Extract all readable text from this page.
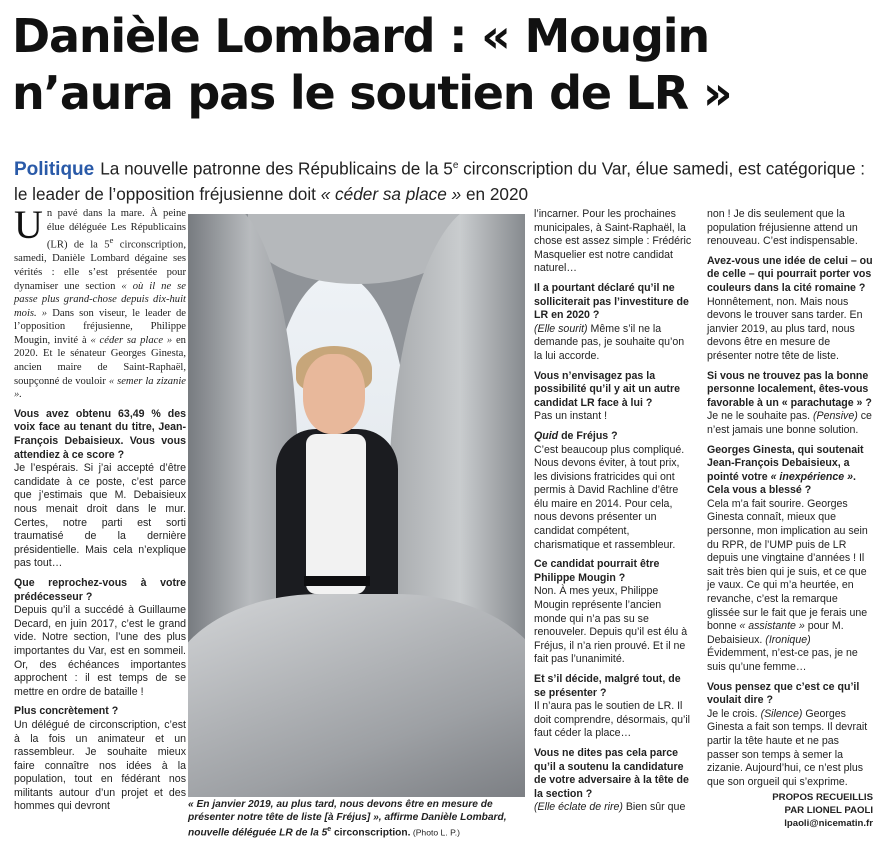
Danièle Lombard : « Mougin
n’aura pas le soutien de LR »
Politique La nouvelle patronne des Républicains de la 5e circonscription du Var, élue samedi, est catégorique : le leader de l’opposition fréjusienne doit « céder sa place » en 2020

Un pavé dans la mare. À peine élue déléguée Les Républicains (LR) de la 5e circonscription, samedi, Danièle Lombard dégaine ses vérités : elle s’est présentée pour dynamiser une section « où il ne se passe plus grand-chose depuis dix-huit mois. » Dans son viseur, le leader de l’opposition fréjusienne, Philippe Mougin, invité à « céder sa place » en 2020. Et le sénateur Georges Ginesta, ancien maire de Saint-Raphaël, soupçonné de vouloir « semer la zizanie ».

Vous avez obtenu 63,49 % des voix face au tenant du titre, Jean-François Debaisieux. Vous vous attendiez à ce score ?

Je l’espérais. Si j’ai accepté d’être candidate à ce poste, c’est parce que j’estimais que M. Debaisieux nous menait droit dans le mur. Certes, notre parti est sorti traumatisé de la dernière présidentielle. Mais cela n’explique pas tout…

Que reprochez-vous à votre prédécesseur ?

Depuis qu’il a succédé à Guillaume Decard, en juin 2017, c’est le grand vide. Notre section, l’une des plus importantes du Var, est en sommeil. Or, des échéances importantes approchent : il est temps de se mettre en ordre de bataille !

Plus concrètement ?

Un délégué de circonscription, c’est à la fois un animateur et un rassembleur. Je souhaite mieux faire connaître nos idées à la population, tout en fédérant nos militants autour d’un projet et des hommes qui devront	« En janvier 2019, au plus tard, nous devons être en mesure de présenter notre tête de liste [à Fréjus] », affirme Danièle Lombard, nouvelle déléguée LR de la 5e circonscription. (Photo L. P.)

l’incarner. Pour les prochaines municipales, à Saint-Raphaël, la chose est assez simple : Frédéric Masquelier est notre candidat naturel…

Il a pourtant déclaré qu’il ne solliciterait pas l’investiture de LR en 2020 ?

(Elle sourit) Même s’il ne la demande pas, je souhaite qu’on la lui accorde.

Vous n’envisagez pas la possibilité qu’il y ait un autre candidat LR face à lui ?

Pas un instant !

Quid de Fréjus ?

C’est beaucoup plus compliqué. Nous devons éviter, à tout prix, les divisions fratricides qui ont permis à David Rachline d’être élu maire en 2014. Pour cela, nous devons présenter un candidat compétent, charismatique et rassembleur.

Ce candidat pourrait être Philippe Mougin ?

Non. À mes yeux, Philippe Mougin représente l’ancien monde qui n’a pas su se renouveler. Depuis qu’il est élu à Fréjus, il n’a rien prouvé. Et il ne fait pas l’unanimité.

Et s’il décide, malgré tout, de se présenter ?

Il n’aura pas le soutien de LR. Il doit comprendre, désormais, qu’il faut céder la place…

Vous ne dites pas cela parce qu’il a soutenu la candidature de votre adversaire à la tête de la section ?

(Elle éclate de rire) Bien sûr que

non ! Je dis seulement que la population fréjusienne attend un renouveau. C’est indispensable.

Avez-vous une idée de celui – ou de celle – qui pourrait porter vos couleurs dans la cité romaine ?

Honnêtement, non. Mais nous devons le trouver sans tarder. En janvier 2019, au plus tard, nous devons être en mesure de présenter notre tête de liste.

Si vous ne trouvez pas la bonne personne localement, êtes-vous favorable à un « parachutage » ?

Je ne le souhaite pas. (Pensive) ce n’est jamais une bonne solution.

Georges Ginesta, qui soutenait Jean-François Debaisieux, a pointé votre « inexpérience ». Cela vous a blessé ?

Cela m’a fait sourire. Georges Ginesta connaît, mieux que personne, mon implication au sein du RPR, de l’UMP puis de LR depuis une vingtaine d’années ! Il sait très bien qui je suis, et ce que je vaux. Ce qui m’a heurtée, en revanche, c’est la remarque glissée sur le fait que je ferais une bonne « assistante » pour M. Debaisieux. (Ironique) Évidemment, n’est-ce pas, je ne suis qu’une femme…

Vous pensez que c’est ce qu’il voulait dire ?

Je le crois. (Silence) Georges Ginesta a fait son temps. Il devrait partir la tête haute et ne pas passer son temps à semer la zizanie. Aujourd’hui, ce n’est plus que son orgueil qui s’exprime.

PROPOS RECUEILLIS
PAR LIONEL PAOLI
lpaoli@nicematin.fr
